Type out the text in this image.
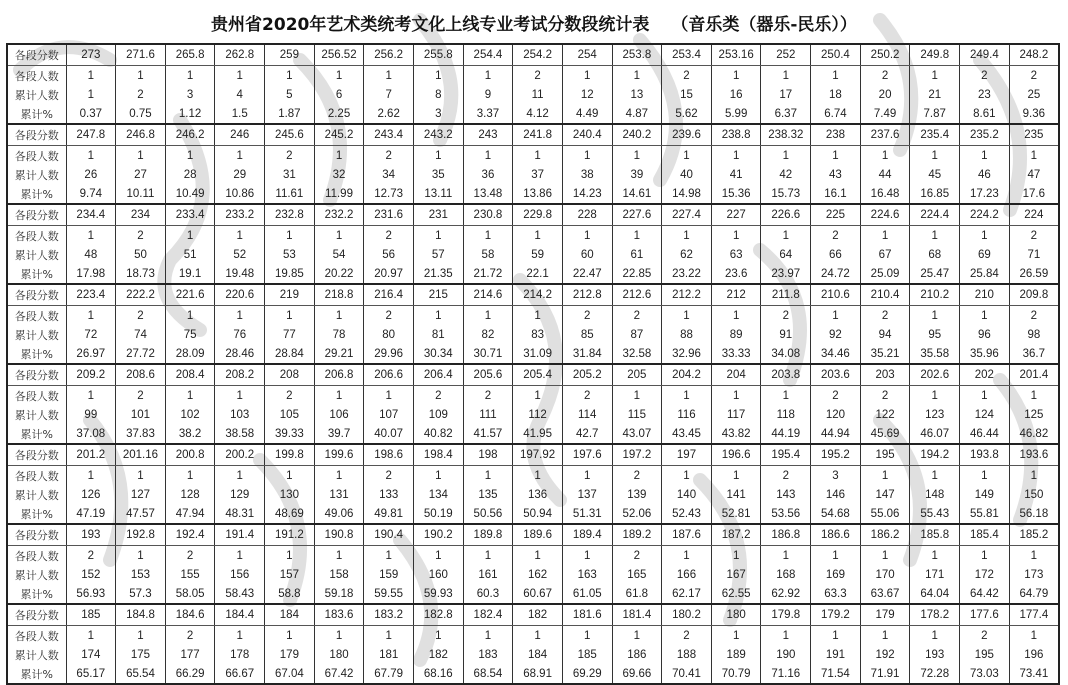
贵州省2020年艺术类统考文化上线专业考试分数段统计表 （音乐类（器乐-民乐））
各段分数	273	271.6	265.8	262.8	259	256.52	256.2	255.8	254.4	254.2	254	253.8	253.4	253.16	252	250.4	250.2	249.8	249.4	248.2
各段人数	1	1	1	1	1	1	1	1	1	2	1	1	2	1	1	1	2	1	2	2
累计人数	1	2	3	4	5	6	7	8	9	11	12	13	15	16	17	18	20	21	23	25
累计%	0.37	0.75	1.12	1.5	1.87	2.25	2.62	3	3.37	4.12	4.49	4.87	5.62	5.99	6.37	6.74	7.49	7.87	8.61	9.36
各段分数	247.8	246.8	246.2	246	245.6	245.2	243.4	243.2	243	241.8	240.4	240.2	239.6	238.8	238.32	238	237.6	235.4	235.2	235
各段人数	1	1	1	1	2	1	2	1	1	1	1	1	1	1	1	1	1	1	1	1
累计人数	26	27	28	29	31	32	34	35	36	37	38	39	40	41	42	43	44	45	46	47
累计%	9.74	10.11	10.49	10.86	11.61	11.99	12.73	13.11	13.48	13.86	14.23	14.61	14.98	15.36	15.73	16.1	16.48	16.85	17.23	17.6
各段分数	234.4	234	233.4	233.2	232.8	232.2	231.6	231	230.8	229.8	228	227.6	227.4	227	226.6	225	224.6	224.4	224.2	224
各段人数	1	2	1	1	1	1	2	1	1	1	1	1	1	1	1	2	1	1	1	2
累计人数	48	50	51	52	53	54	56	57	58	59	60	61	62	63	64	66	67	68	69	71
累计%	17.98	18.73	19.1	19.48	19.85	20.22	20.97	21.35	21.72	22.1	22.47	22.85	23.22	23.6	23.97	24.72	25.09	25.47	25.84	26.59
各段分数	223.4	222.2	221.6	220.6	219	218.8	216.4	215	214.6	214.2	212.8	212.6	212.2	212	211.8	210.6	210.4	210.2	210	209.8
各段人数	1	2	1	1	1	1	2	1	1	1	2	2	1	1	2	1	2	1	1	2
累计人数	72	74	75	76	77	78	80	81	82	83	85	87	88	89	91	92	94	95	96	98
累计%	26.97	27.72	28.09	28.46	28.84	29.21	29.96	30.34	30.71	31.09	31.84	32.58	32.96	33.33	34.08	34.46	35.21	35.58	35.96	36.7
各段分数	209.2	208.6	208.4	208.2	208	206.8	206.6	206.4	205.6	205.4	205.2	205	204.2	204	203.8	203.6	203	202.6	202	201.4
各段人数	1	2	1	1	2	1	1	2	2	1	2	1	1	1	1	2	2	1	1	1
累计人数	99	101	102	103	105	106	107	109	111	112	114	115	116	117	118	120	122	123	124	125
累计%	37.08	37.83	38.2	38.58	39.33	39.7	40.07	40.82	41.57	41.95	42.7	43.07	43.45	43.82	44.19	44.94	45.69	46.07	46.44	46.82
各段分数	201.2	201.16	200.8	200.2	199.8	199.6	198.6	198.4	198	197.92	197.6	197.2	197	196.6	195.4	195.2	195	194.2	193.8	193.6
各段人数	1	1	1	1	1	1	2	1	1	1	1	2	1	1	2	3	1	1	1	1
累计人数	126	127	128	129	130	131	133	134	135	136	137	139	140	141	143	146	147	148	149	150
累计%	47.19	47.57	47.94	48.31	48.69	49.06	49.81	50.19	50.56	50.94	51.31	52.06	52.43	52.81	53.56	54.68	55.06	55.43	55.81	56.18
各段分数	193	192.8	192.4	191.4	191.2	190.8	190.4	190.2	189.8	189.6	189.4	189.2	187.6	187.2	186.8	186.6	186.2	185.8	185.4	185.2
各段人数	2	1	2	1	1	1	1	1	1	1	1	2	1	1	1	1	1	1	1	1
累计人数	152	153	155	156	157	158	159	160	161	162	163	165	166	167	168	169	170	171	172	173
累计%	56.93	57.3	58.05	58.43	58.8	59.18	59.55	59.93	60.3	60.67	61.05	61.8	62.17	62.55	62.92	63.3	63.67	64.04	64.42	64.79
各段分数	185	184.8	184.6	184.4	184	183.6	183.2	182.8	182.4	182	181.6	181.4	180.2	180	179.8	179.2	179	178.2	177.6	177.4
各段人数	1	1	2	1	1	1	1	1	1	1	1	1	2	1	1	1	1	1	2	1
累计人数	174	175	177	178	179	180	181	182	183	184	185	186	188	189	190	191	192	193	195	196
累计%	65.17	65.54	66.29	66.67	67.04	67.42	67.79	68.16	68.54	68.91	69.29	69.66	70.41	70.79	71.16	71.54	71.91	72.28	73.03	73.41
